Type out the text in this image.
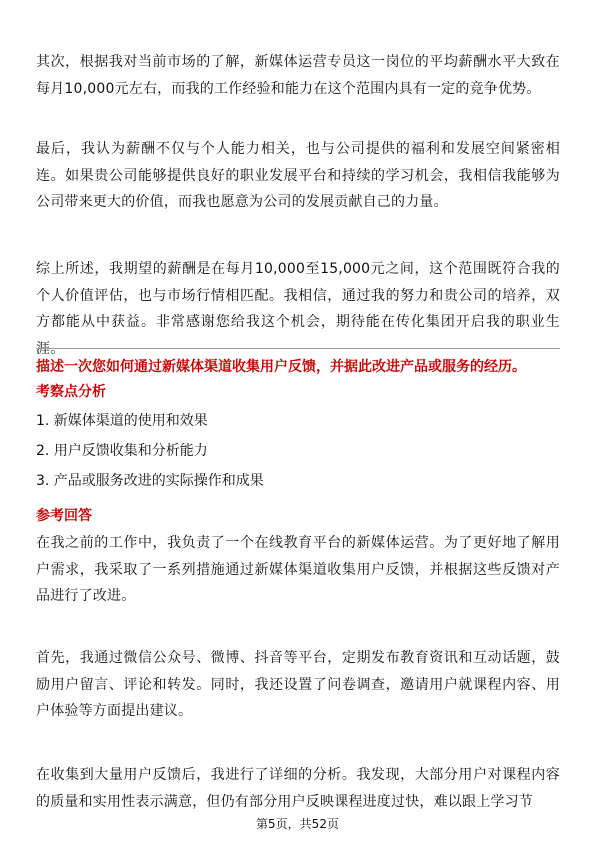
其次，根据我对当前市场的了解，新媒体运营专员这一岗位的平均薪酬水平大致在每月10,000元左右，而我的工作经验和能力在这个范围内具有一定的竞争优势。

最后，我认为薪酬不仅与个人能力相关，也与公司提供的福利和发展空间紧密相连。如果贵公司能够提供良好的职业发展平台和持续的学习机会，我相信我能够为公司带来更大的价值，而我也愿意为公司的发展贡献自己的力量。

综上所述，我期望的薪酬是在每月10,000至15,000元之间，这个范围既符合我的个人价值评估，也与市场行情相匹配。我相信，通过我的努力和贵公司的培养，双方都能从中获益。非常感谢您给我这个机会，期待能在传化集团开启我的职业生涯。

描述一次您如何通过新媒体渠道收集用户反馈，并据此改进产品或服务的经历。
考察点分析
1. 新媒体渠道的使用和效果
2. 用户反馈收集和分析能力
3. 产品或服务改进的实际操作和成果
参考回答

在我之前的工作中，我负责了一个在线教育平台的新媒体运营。为了更好地了解用户需求，我采取了一系列措施通过新媒体渠道收集用户反馈，并根据这些反馈对产品进行了改进。

首先，我通过微信公众号、微博、抖音等平台，定期发布教育资讯和互动话题，鼓励用户留言、评论和转发。同时，我还设置了问卷调查，邀请用户就课程内容、用户体验等方面提出建议。

在收集到大量用户反馈后，我进行了详细的分析。我发现，大部分用户对课程内容的质量和实用性表示满意，但仍有部分用户反映课程进度过快，难以跟上学习节

第5页，共52页
